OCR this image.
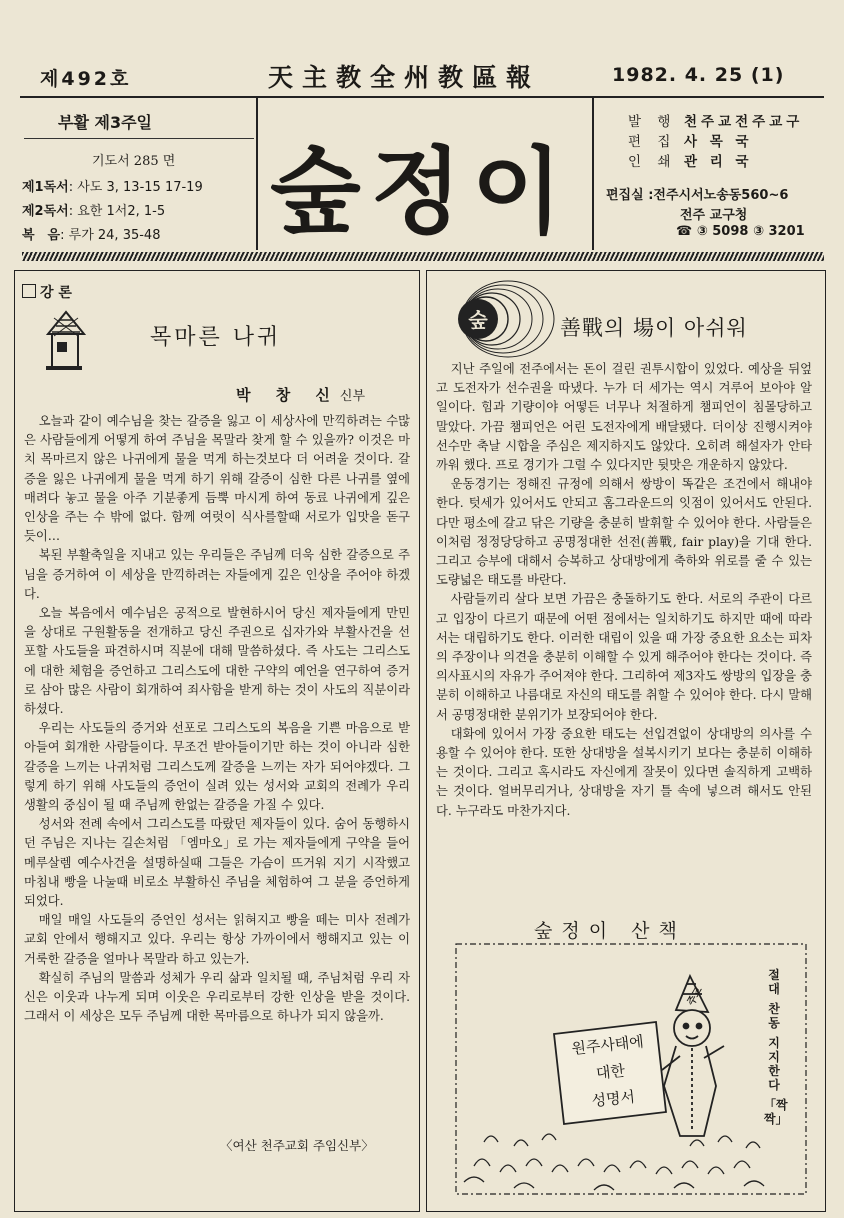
제492호	天主教全州教區報	1982. 4. 25 (1)
부활 제3주일
기도서 285 면
제1독서: 사도 3, 13-15 17-19
제2독서: 요한 1서2, 1-5
복　음: 루가 24, 35-48 숲정이
발 행 천주교전주교구
편 집 사 목 국
인 쇄 관 리 국
편집실 :전주시서노송동560~6
전주 교구청
☎ ③ 5098 ③ 3201
강 론
목마른 나귀
박 창 신신부

오늘과 같이 예수님을 찾는 갈증을 잃고 이 세상사에 만끽하려는 수많은 사람들에게 어떻게 하여 주님을 목말라 찾게 할 수 있을까? 이것은 마치 목마르지 않은 나귀에게 물을 먹게 하는것보다 더 어려울 것이다. 갈증을 잃은 나귀에게 물을 먹게 하기 위해 갈증이 심한 다른 나귀를 옆에 매려다 놓고 물을 아주 기분좋게 듬뿍 마시게 하여 동료 나귀에게 깊은 인상을 주는 수 밖에 없다. 함께 여럿이 식사를할때 서로가 입맛을 돋구듯이…

복된 부활축일을 지내고 있는 우리들은 주님께 더욱 심한 갈증으로 주님을 증거하여 이 세상을 만끽하려는 자들에게 깊은 인상을 주어야 하겠다.

오늘 복음에서 예수님은 공적으로 발현하시어 당신 제자들에게 만민을 상대로 구원활동을 전개하고 당신 주권으로 십자가와 부활사건을 선포할 사도들을 파견하시며 직분에 대해 말씀하셨다. 즉 사도는 그리스도에 대한 체험을 증언하고 그리스도에 대한 구약의 예언을 연구하여 증거로 삼아 많은 사람이 회개하여 죄사함을 받게 하는 것이 사도의 직분이라 하셨다.

우리는 사도들의 증거와 선포로 그리스도의 복음을 기쁜 마음으로 받아들여 회개한 사람들이다. 무조건 받아들이기만 하는 것이 아니라 심한 갈증을 느끼는 나귀처럼 그리스도께 갈증을 느끼는 자가 되어야겠다. 그렇게 하기 위해 사도들의 증언이 실려 있는 성서와 교회의 전례가 우리 생활의 중심이 될 때 주님께 한없는 갈증을 가질 수 있다.

성서와 전례 속에서 그리스도를 따랐던 제자들이 있다. 숨어 동행하시던 주님은 지나는 길손처럼 「엠마오」로 가는 제자들에게 구약을 들어 메루살렘 예수사건을 설명하실때 그들은 가슴이 뜨거워 지기 시작했고 마침내 빵을 나눌때 비로소 부활하신 주님을 체험하여 그 분을 증언하게 되었다.

매일 매일 사도들의 증언인 성서는 읽혀지고 빵을 떼는 미사 전례가 교회 안에서 행해지고 있다. 우리는 항상 가까이에서 행해지고 있는 이 거룩한 갈증을 얼마나 목말라 하고 있는가.

확실히 주님의 말씀과 성체가 우리 삶과 일치될 때, 주님처럼 우리 자신은 이웃과 나누게 되며 이웃은 우리로부터 강한 인상을 받을 것이다. 그래서 이 세상은 모두 주님께 대한 목마름으로 하나가 되지 않을까.

〈여산 천주교회 주임신부〉
숲	善戰의 場이 아쉬워

지난 주일에 전주에서는 돈이 걸린 권투시합이 있었다. 예상을 뒤엎고 도전자가 선수권을 따냈다. 누가 더 세가는 역시 겨루어 보아야 알 일이다. 힘과 기량이야 어떻든 너무나 처절하게 챔피언이 침몰당하고 말았다. 가끔 챔피언은 어린 도전자에게 배달됐다. 더이상 진행시켜야 선수만 축날 시합을 주심은 제지하지도 않았다. 오히려 해설자가 안타까워 했다. 프로 경기가 그럴 수 있다지만 뒷맛은 개운하지 않았다.

운동경기는 정해진 규정에 의해서 쌍방이 똑같은 조건에서 해내야 한다. 텃세가 있어서도 안되고 홈그라운드의 잇점이 있어서도 안된다. 다만 평소에 갈고 닦은 기량을 충분히 발휘할 수 있어야 한다. 사람들은 이처럼 정정당당하고 공명정대한 선전(善戰, fair play)을 기대 한다. 그리고 승부에 대해서 승복하고 상대방에게 축하와 위로를 줄 수 있는 도량넓은 태도를 바란다.

사람들끼리 살다 보면 가끔은 충돌하기도 한다. 서로의 주관이 다르고 입장이 다르기 때문에 어떤 점에서는 일치하기도 하지만 때에 따라서는 대립하기도 한다. 이러한 대립이 있을 때 가장 중요한 요소는 피차의 주장이나 의견을 충분히 이해할 수 있게 해주어야 한다는 것이다. 즉 의사표시의 자유가 주어져야 한다. 그리하여 제3자도 쌍방의 입장을 충분히 이해하고 나름대로 자신의 태도를 취할 수 있어야 한다. 다시 말해서 공명정대한 분위기가 보장되어야 한다.

대화에 있어서 가장 중요한 태도는 선입견없이 상대방의 의사를 수용할 수 있어야 한다. 또한 상대방을 설복시키기 보다는 충분히 이해하는 것이다. 그리고 혹시라도 자신에게 잘못이 있다면 솔직하게 고백하는 것이다. 얼버무리거나, 상대방을 자기 틀 속에 넣으려 해서도 안된다. 누구라도 마찬가지다.

숲정이 산책
원주사태에
대한
성명서
주교
절대
찬동
지지한다
「짝짝」
